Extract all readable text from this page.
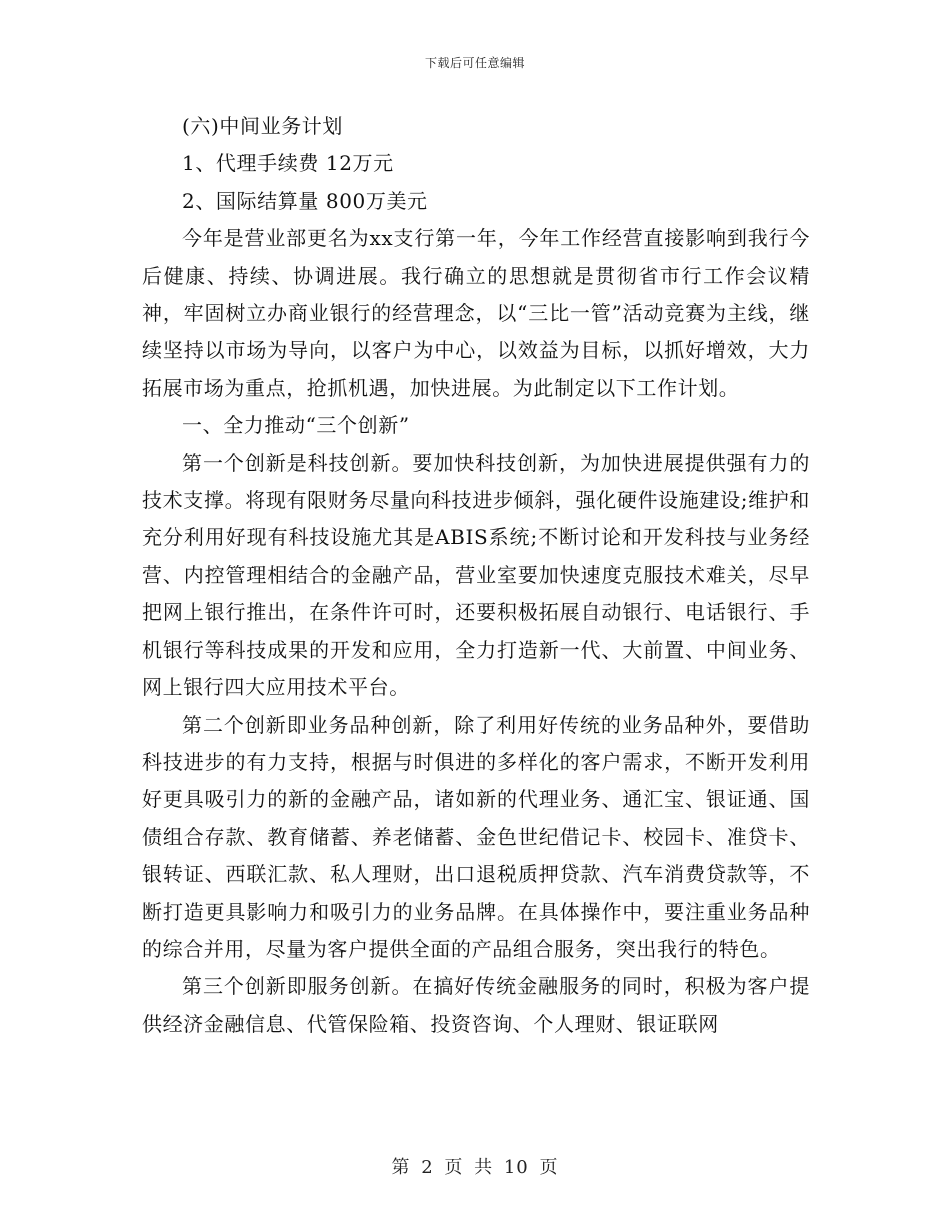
下载后可任意编辑

(六)中间业务计划

1、代理手续费 12万元

2、国际结算量 800万美元

今年是营业部更名为xx支行第一年，今年工作经营直接影响到我行今后健康、持续、协调进展。我行确立的思想就是贯彻省市行工作会议精神，牢固树立办商业银行的经营理念，以“三比一管”活动竞赛为主线，继续坚持以市场为导向，以客户为中心，以效益为目标，以抓好增效，大力拓展市场为重点，抢抓机遇，加快进展。为此制定以下工作计划。

一、全力推动“三个创新”

第一个创新是科技创新。要加快科技创新，为加快进展提供强有力的技术支撑。将现有限财务尽量向科技进步倾斜，强化硬件设施建设;维护和充分利用好现有科技设施尤其是ABIS系统;不断讨论和开发科技与业务经营、内控管理相结合的金融产品，营业室要加快速度克服技术难关，尽早把网上银行推出，在条件许可时，还要积极拓展自动银行、电话银行、手机银行等科技成果的开发和应用，全力打造新一代、大前置、中间业务、网上银行四大应用技术平台。

第二个创新即业务品种创新，除了利用好传统的业务品种外，要借助科技进步的有力支持，根据与时俱进的多样化的客户需求，不断开发利用好更具吸引力的新的金融产品，诸如新的代理业务、通汇宝、银证通、国债组合存款、教育储蓄、养老储蓄、金色世纪借记卡、校园卡、准贷卡、银转证、西联汇款、私人理财，出口退税质押贷款、汽车消费贷款等，不断打造更具影响力和吸引力的业务品牌。在具体操作中，要注重业务品种的综合并用，尽量为客户提供全面的产品组合服务，突出我行的特色。

第三个创新即服务创新。在搞好传统金融服务的同时，积极为客户提供经济金融信息、代管保险箱、投资咨询、个人理财、银证联网

第 2 页 共 10 页
